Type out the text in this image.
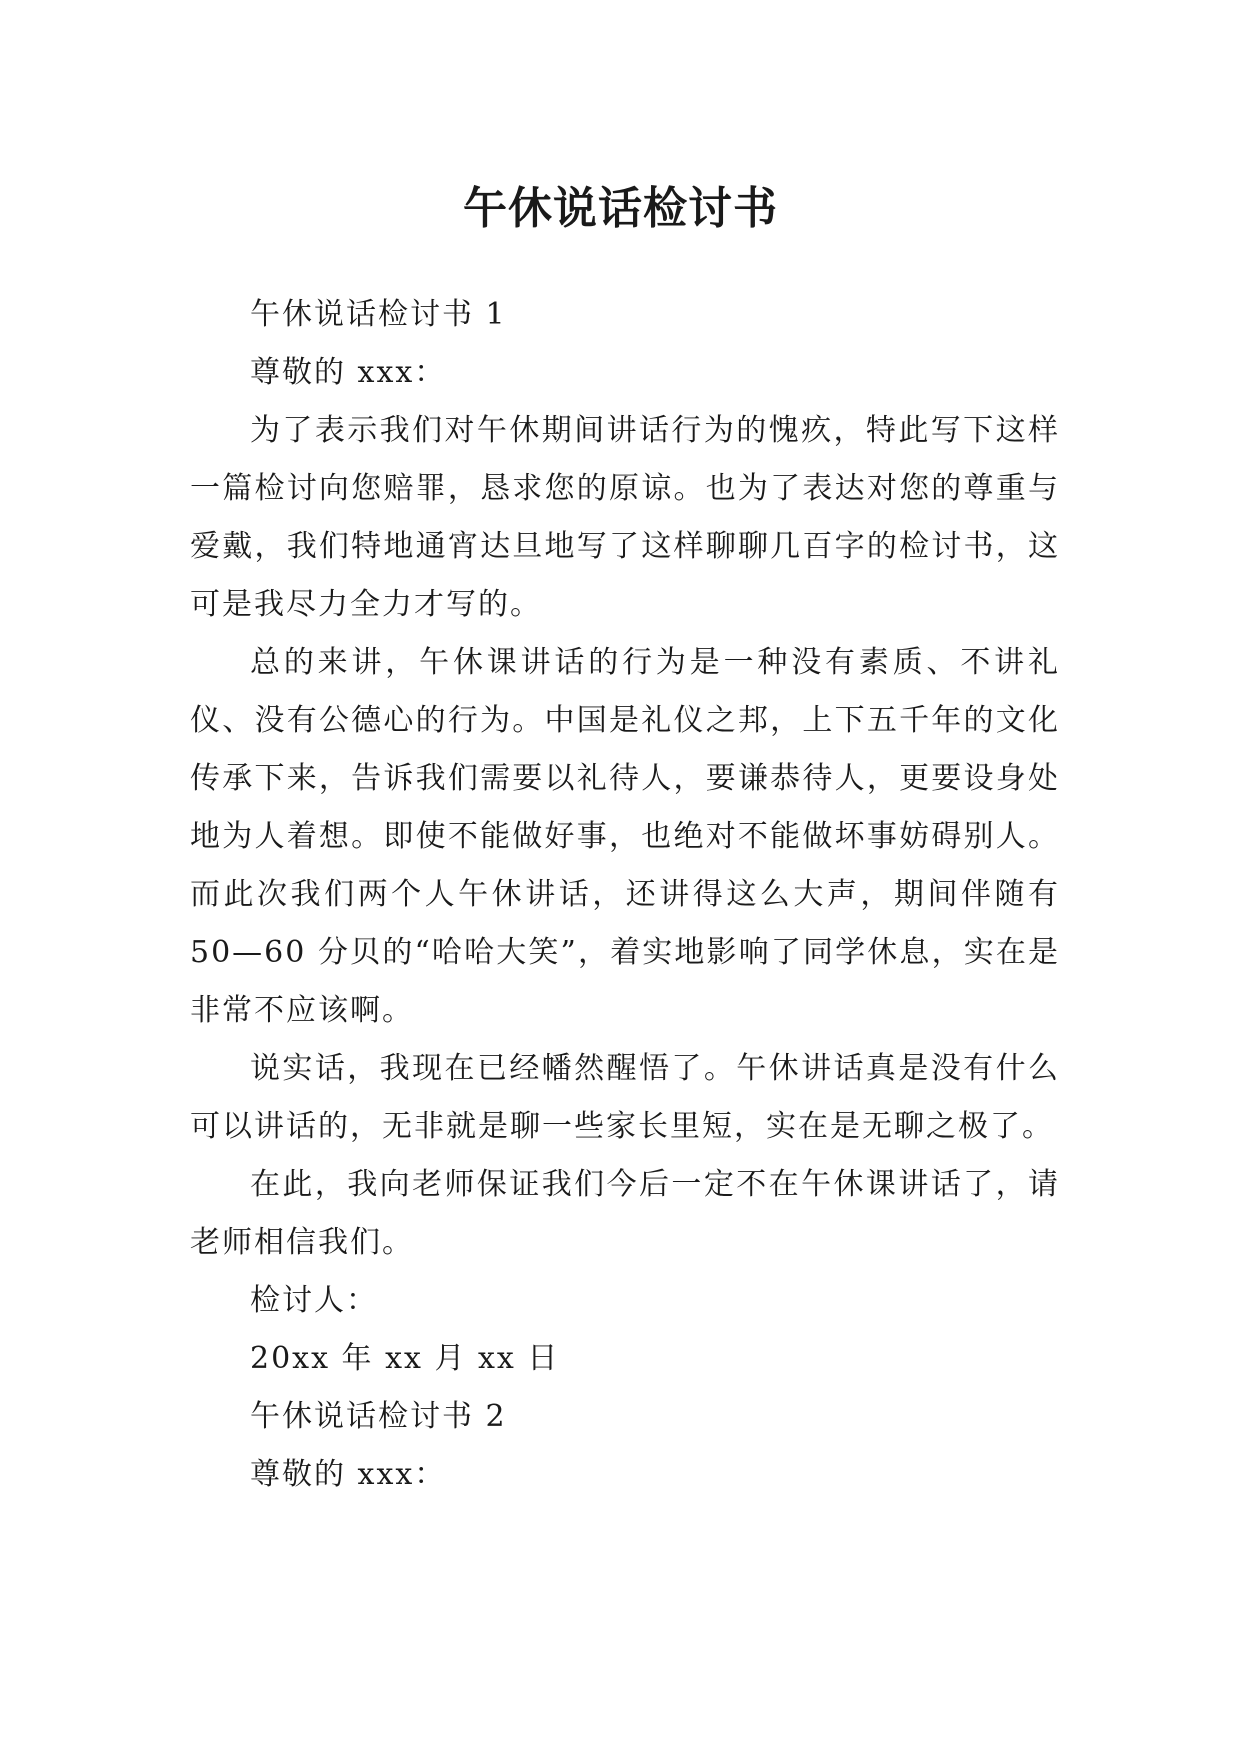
午休说话检讨书

午休说话检讨书 1

尊敬的 xxx：

为了表示我们对午休期间讲话行为的愧疚，特此写下这样一篇检讨向您赔罪，恳求您的原谅。也为了表达对您的尊重与爱戴，我们特地通宵达旦地写了这样聊聊几百字的检讨书，这可是我尽力全力才写的。

总的来讲，午休课讲话的行为是一种没有素质、不讲礼仪、没有公德心的行为。中国是礼仪之邦，上下五千年的文化传承下来，告诉我们需要以礼待人，要谦恭待人，更要设身处地为人着想。即使不能做好事，也绝对不能做坏事妨碍别人。而此次我们两个人午休讲话，还讲得这么大声，期间伴随有 50—60 分贝的“哈哈大笑”，着实地影响了同学休息，实在是非常不应该啊。

说实话，我现在已经幡然醒悟了。午休讲话真是没有什么可以讲话的，无非就是聊一些家长里短，实在是无聊之极了。

在此，我向老师保证我们今后一定不在午休课讲话了，请老师相信我们。

检讨人：

20xx 年 xx 月 xx 日

午休说话检讨书 2

尊敬的 xxx：
